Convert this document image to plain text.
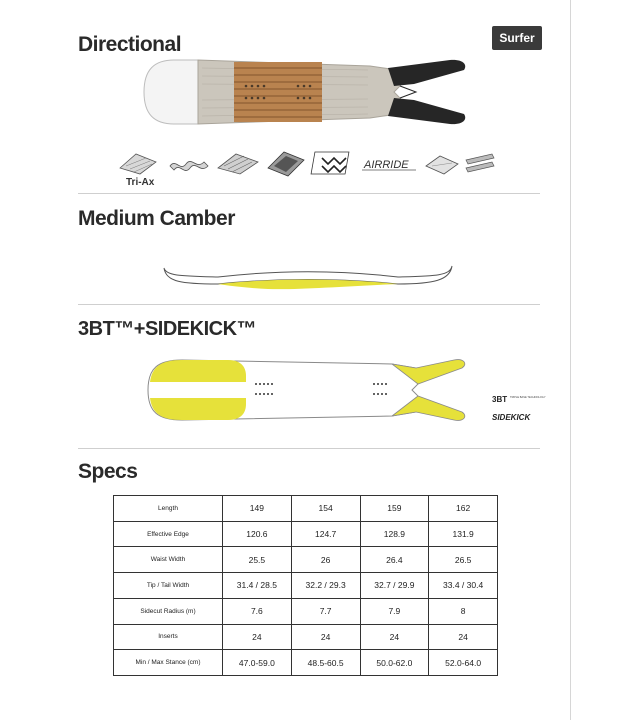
Directional	Surfer
AIRRIDE
Tri-Ax
Medium Camber
3BT™+SIDEKICK™
3BT TRIPLE BASE TECHNOLOGY
SIDEKICK
Specs
Length	149	154	159	162
Effective Edge	120.6	124.7	128.9	131.9
Waist Width	25.5	26	26.4	26.5
Tip / Tail Width	31.4 / 28.5	32.2 / 29.3	32.7 / 29.9	33.4 / 30.4
Sidecut Radius (m)	7.6	7.7	7.9	8
Inserts	24	24	24	24
Min / Max Stance (cm)	47.0-59.0	48.5-60.5	50.0-62.0	52.0-64.0
